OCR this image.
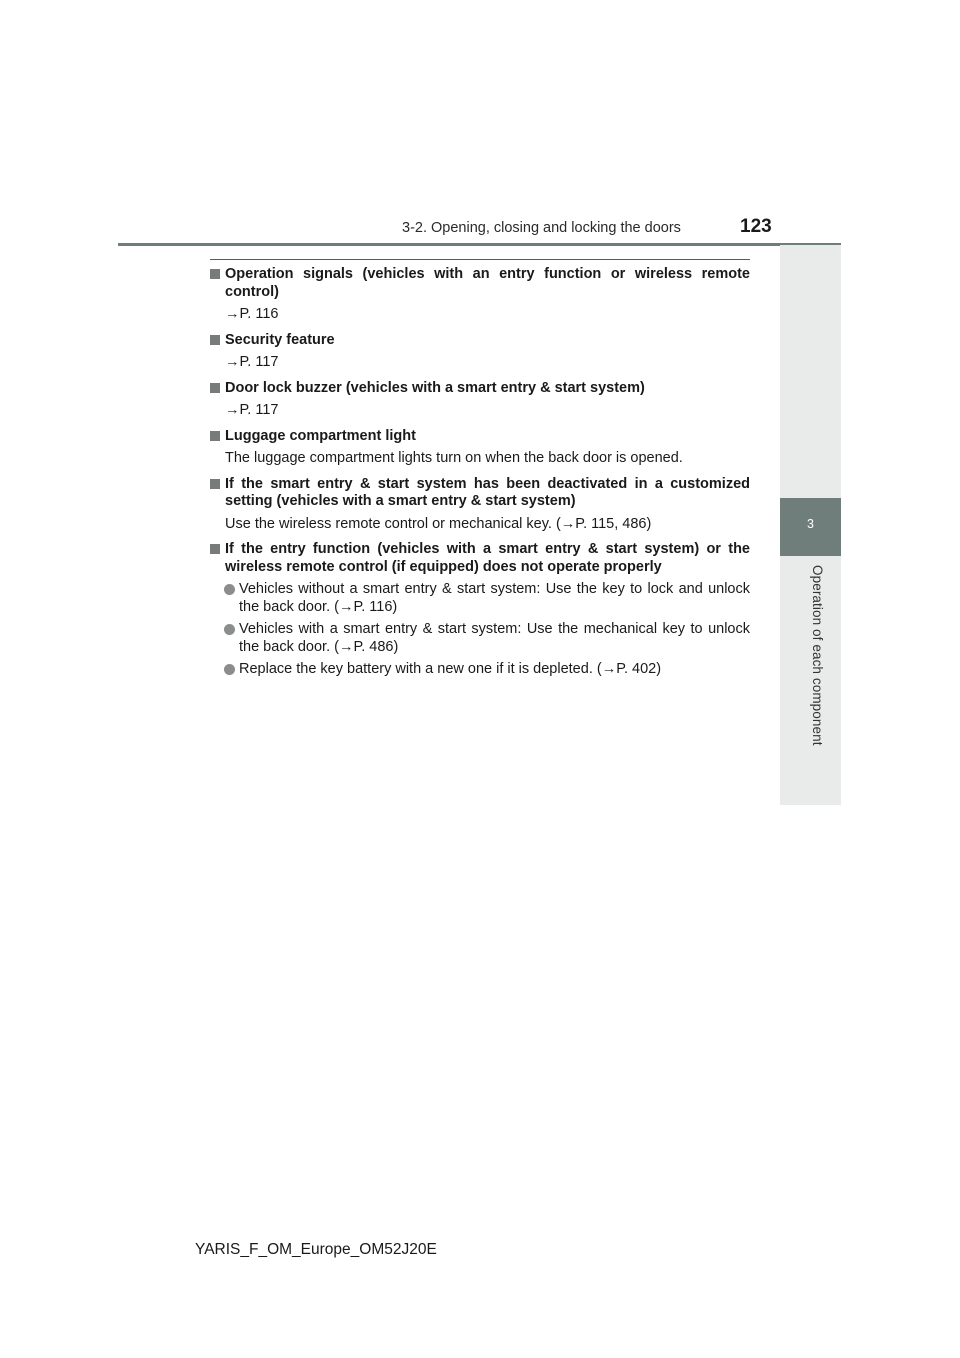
3-2. Opening, closing and locking the doors	123
3
Operation of each component
Operation signals (vehicles with an entry function or wireless remote control)
→P. 116
Security feature
→P. 117
Door lock buzzer (vehicles with a smart entry & start system)
→P. 117
Luggage compartment light
The luggage compartment lights turn on when the back door is opened.
If the smart entry & start system has been deactivated in a customized setting (vehicles with a smart entry & start system)
Use the wireless remote control or mechanical key. (→P. 115, 486)
If the entry function (vehicles with a smart entry & start system) or the wireless remote control (if equipped) does not operate properly
Vehicles without a smart entry & start system: Use the key to lock and unlock the back door. (→P. 116)
Vehicles with a smart entry & start system: Use the mechanical key to unlock the back door. (→P. 486)
Replace the key battery with a new one if it is depleted. (→P. 402)
YARIS_F_OM_Europe_OM52J20E
